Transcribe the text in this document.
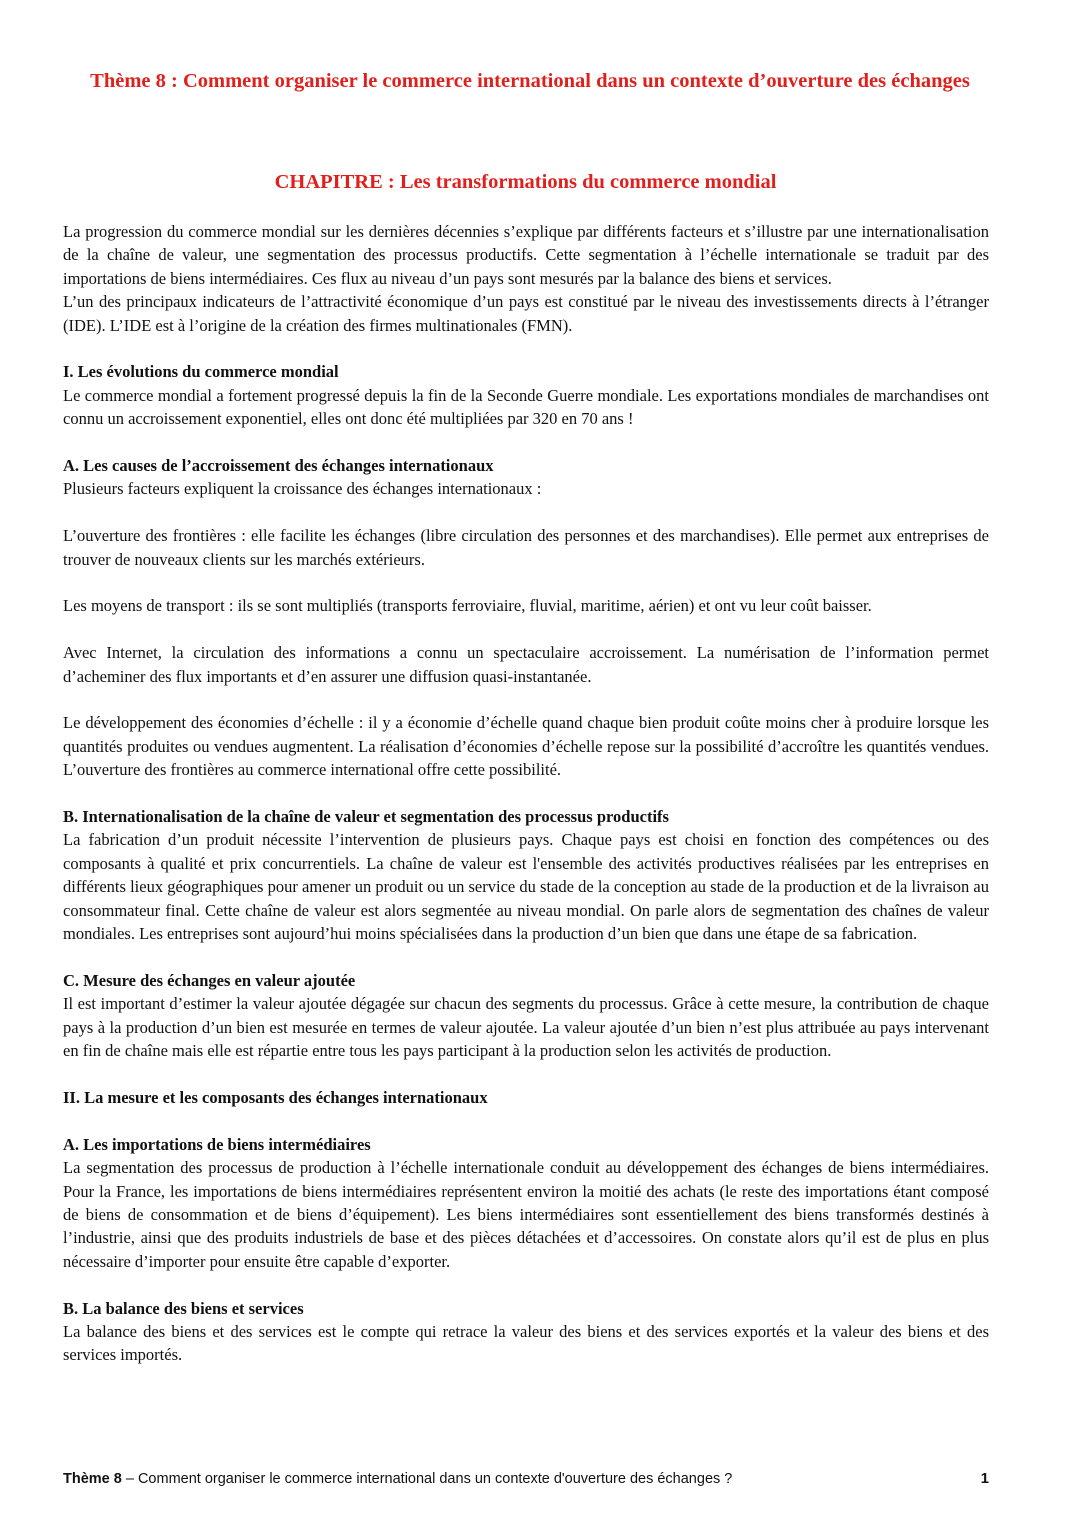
Thème 8 : Comment organiser le commerce international dans un contexte d’ouverture des échanges
CHAPITRE : Les transformations du commerce mondial

La progression du commerce mondial sur les dernières décennies s’explique par différents facteurs et s’illustre par une internationalisation de la chaîne de valeur, une segmentation des processus productifs. Cette segmentation à l’échelle internationale se traduit par des importations de biens intermédiaires. Ces flux au niveau d’un pays sont mesurés par la balance des biens et services.

L’un des principaux indicateurs de l’attractivité économique d’un pays est constitué par le niveau des investissements directs à l’étranger (IDE). L’IDE est à l’origine de la création des firmes multinationales (FMN).

I. Les évolutions du commerce mondial

Le commerce mondial a fortement progressé depuis la fin de la Seconde Guerre mondiale. Les exportations mondiales de marchandises ont connu un accroissement exponentiel, elles ont donc été multipliées par 320 en 70 ans !

A. Les causes de l’accroissement des échanges internationaux

Plusieurs facteurs expliquent la croissance des échanges internationaux :

L’ouverture des frontières : elle facilite les échanges (libre circulation des personnes et des marchandises). Elle permet aux entreprises de trouver de nouveaux clients sur les marchés extérieurs.

Les moyens de transport : ils se sont multipliés (transports ferroviaire, fluvial, maritime, aérien) et ont vu leur coût baisser.

Avec Internet, la circulation des informations a connu un spectaculaire accroissement. La numérisation de l’information permet d’acheminer des flux importants et d’en assurer une diffusion quasi-instantanée.

Le développement des économies d’échelle : il y a économie d’échelle quand chaque bien produit coûte moins cher à produire lorsque les quantités produites ou vendues augmentent. La réalisation d’économies d’échelle repose sur la possibilité d’accroître les quantités vendues. L’ouverture des frontières au commerce international offre cette possibilité.

B. Internationalisation de la chaîne de valeur et segmentation des processus productifs

La fabrication d’un produit nécessite l’intervention de plusieurs pays. Chaque pays est choisi en fonction des compétences ou des composants à qualité et prix concurrentiels. La chaîne de valeur est l'ensemble des activités productives réalisées par les entreprises en différents lieux géographiques pour amener un produit ou un service du stade de la conception au stade de la production et de la livraison au consommateur final. Cette chaîne de valeur est alors segmentée au niveau mondial. On parle alors de segmentation des chaînes de valeur mondiales. Les entreprises sont aujourd’hui moins spécialisées dans la production d’un bien que dans une étape de sa fabrication.

C. Mesure des échanges en valeur ajoutée

Il est important d’estimer la valeur ajoutée dégagée sur chacun des segments du processus. Grâce à cette mesure, la contribution de chaque pays à la production d’un bien est mesurée en termes de valeur ajoutée. La valeur ajoutée d’un bien n’est plus attribuée au pays intervenant en fin de chaîne mais elle est répartie entre tous les pays participant à la production selon les activités de production.

II. La mesure et les composants des échanges internationaux

A. Les importations de biens intermédiaires

La segmentation des processus de production à l’échelle internationale conduit au développement des échanges de biens intermédiaires. Pour la France, les importations de biens intermédiaires représentent environ la moitié des achats (le reste des importations étant composé de biens de consommation et de biens d’équipement). Les biens intermédiaires sont essentiellement des biens transformés destinés à l’industrie, ainsi que des produits industriels de base et des pièces détachées et d’accessoires. On constate alors qu’il est de plus en plus nécessaire d’importer pour ensuite être capable d’exporter.

B. La balance des biens et services

La balance des biens et des services est le compte qui retrace la valeur des biens et des services exportés et la valeur des biens et des services importés.

Thème 8 – Comment organiser le commerce international dans un contexte d'ouverture des échanges ?	1
